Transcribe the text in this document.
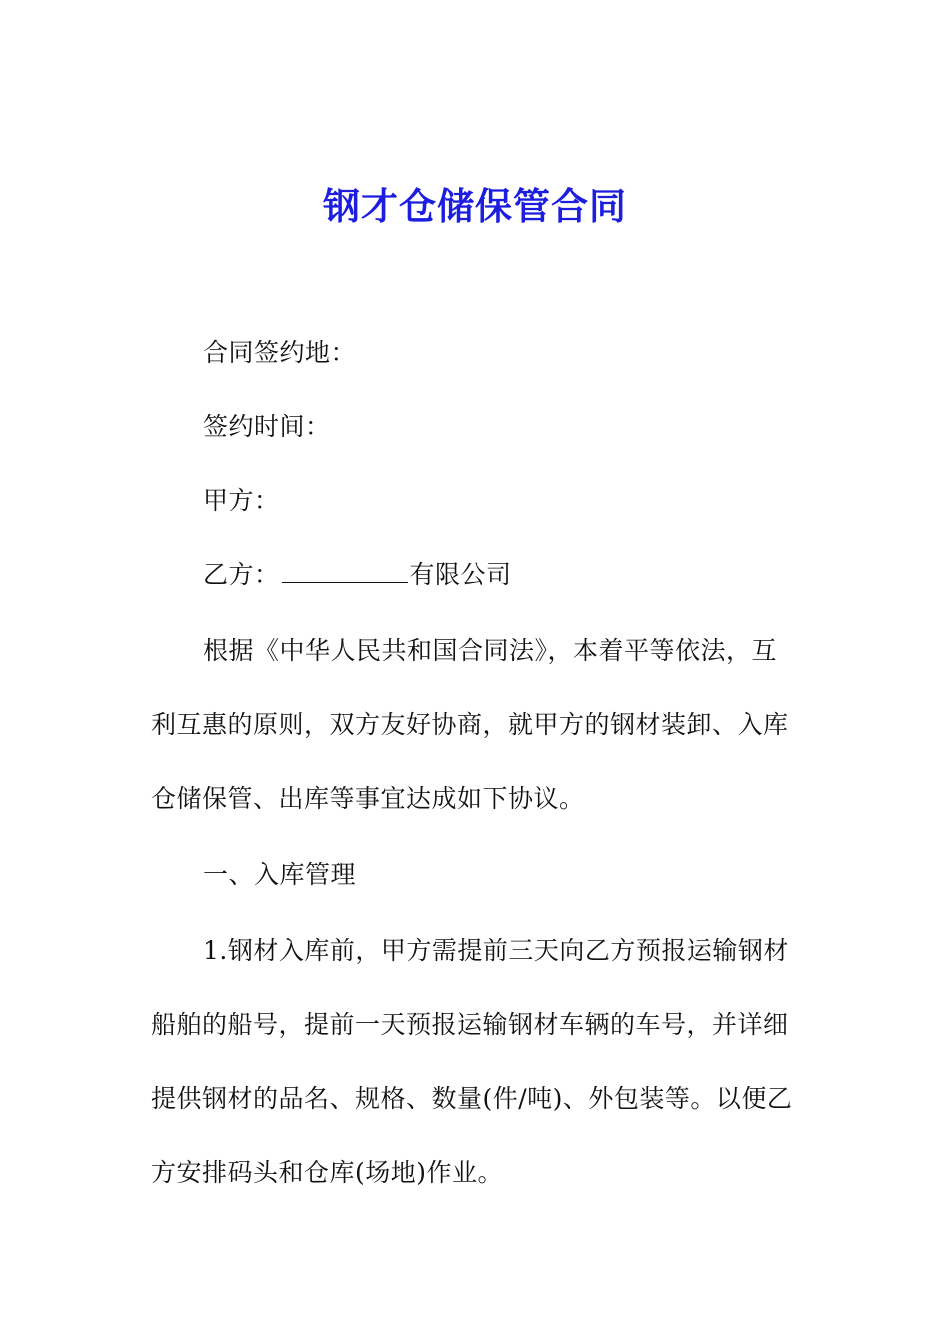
钢才仓储保管合同
合同签约地：
签约时间：
甲方：
乙方：	有限公司
根据《中华人民共和国合同法》，本着平等依法，互
利互惠的原则，双方友好协商，就甲方的钢材装卸、入库
仓储保管、出库等事宜达成如下协议。
一、入库管理
1.钢材入库前，甲方需提前三天向乙方预报运输钢材
船舶的船号，提前一天预报运输钢材车辆的车号，并详细
提供钢材的品名、规格、数量(件/吨)、外包装等。以便乙
方安排码头和仓库(场地)作业。
